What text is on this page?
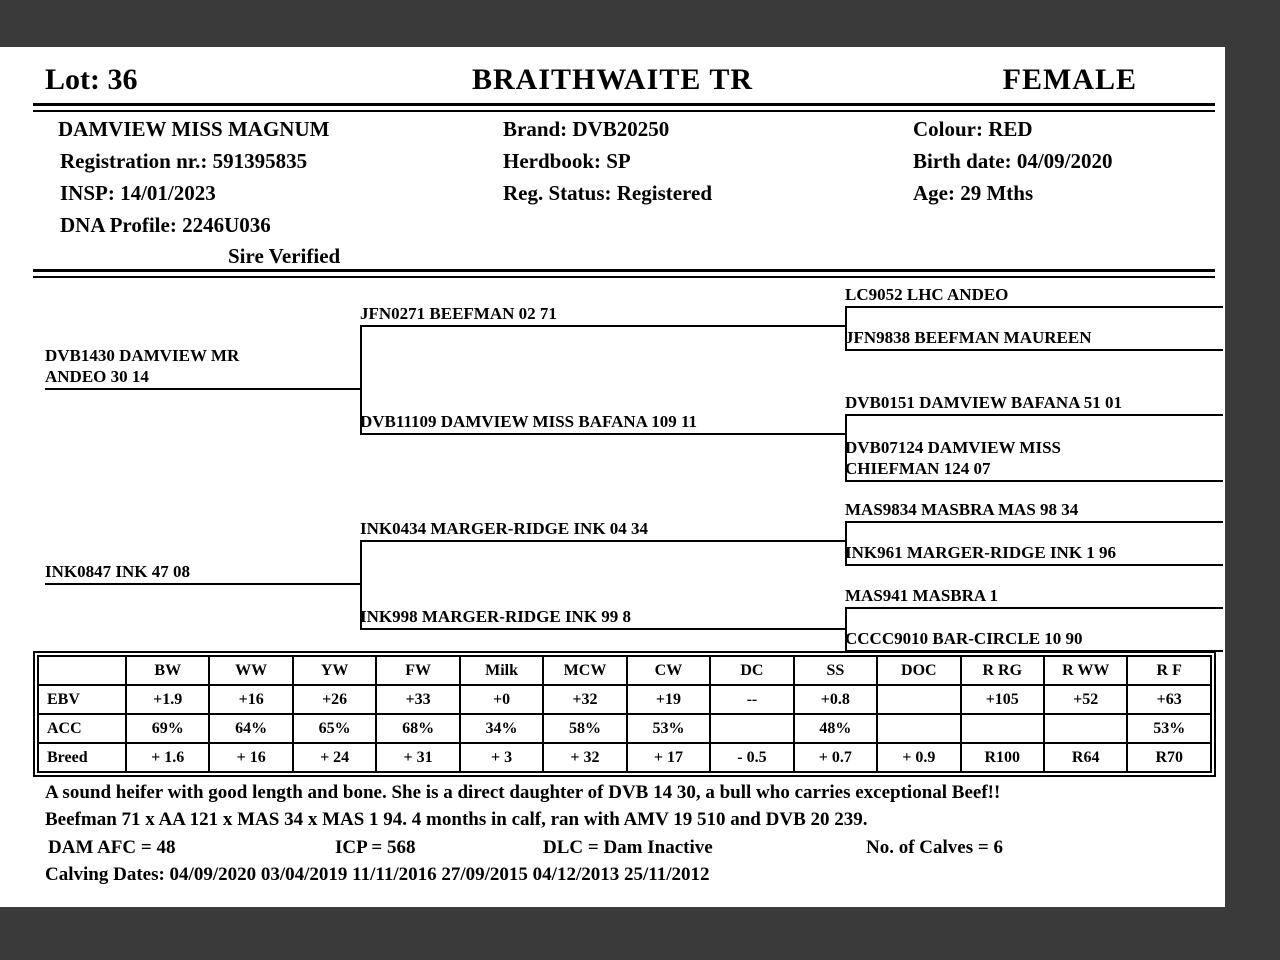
Lot: 36	BRAITHWAITE TR	FEMALE
DAMVIEW MISS MAGNUM	Brand: DVB20250	Colour: RED
Registration nr.: 591395835	Herdbook: SP	Birth date: 04/09/2020
INSP: 14/01/2023	Reg. Status: Registered	Age: 29 Mths
DNA Profile: 2246U036
Sire Verified
DVB1430 DAMVIEW MR ANDEO 30 14
INK0847 INK 47 08
JFN0271 BEEFMAN 02 71
DVB11109 DAMVIEW MISS BAFANA 109 11
INK0434 MARGER-RIDGE INK 04 34
INK998 MARGER-RIDGE INK 99 8
LC9052 LHC ANDEO
JFN9838 BEEFMAN MAUREEN
DVB0151 DAMVIEW BAFANA 51 01
DVB07124 DAMVIEW MISS CHIEFMAN 124 07
MAS9834 MASBRA MAS 98 34
INK961 MARGER-RIDGE INK 1 96
MAS941 MASBRA 1
CCCC9010 BAR-CIRCLE 10 90
	BW	WW	YW	FW	Milk	MCW	CW	DC	SS	DOC	R RG	R WW	R F
EBV	+1.9	+16	+26	+33	+0	+32	+19	--	+0.8		+105	+52	+63
ACC	69%	64%	65%	68%	34%	58%	53%		48%				53%
Breed	+ 1.6	+ 16	+ 24	+ 31	+ 3	+ 32	+ 17	- 0.5	+ 0.7	+ 0.9	R100	R64	R70
A sound heifer with good length and bone. She is a direct daughter of DVB 14 30, a bull who carries exceptional Beef!!
Beefman 71 x AA 121 x MAS 34 x MAS 1 94. 4 months in calf, ran with AMV 19 510 and DVB 20 239.
DAM AFC = 48	ICP = 568	DLC = Dam Inactive	No. of Calves = 6
Calving Dates: 04/09/2020 03/04/2019 11/11/2016 27/09/2015 04/12/2013 25/11/2012
